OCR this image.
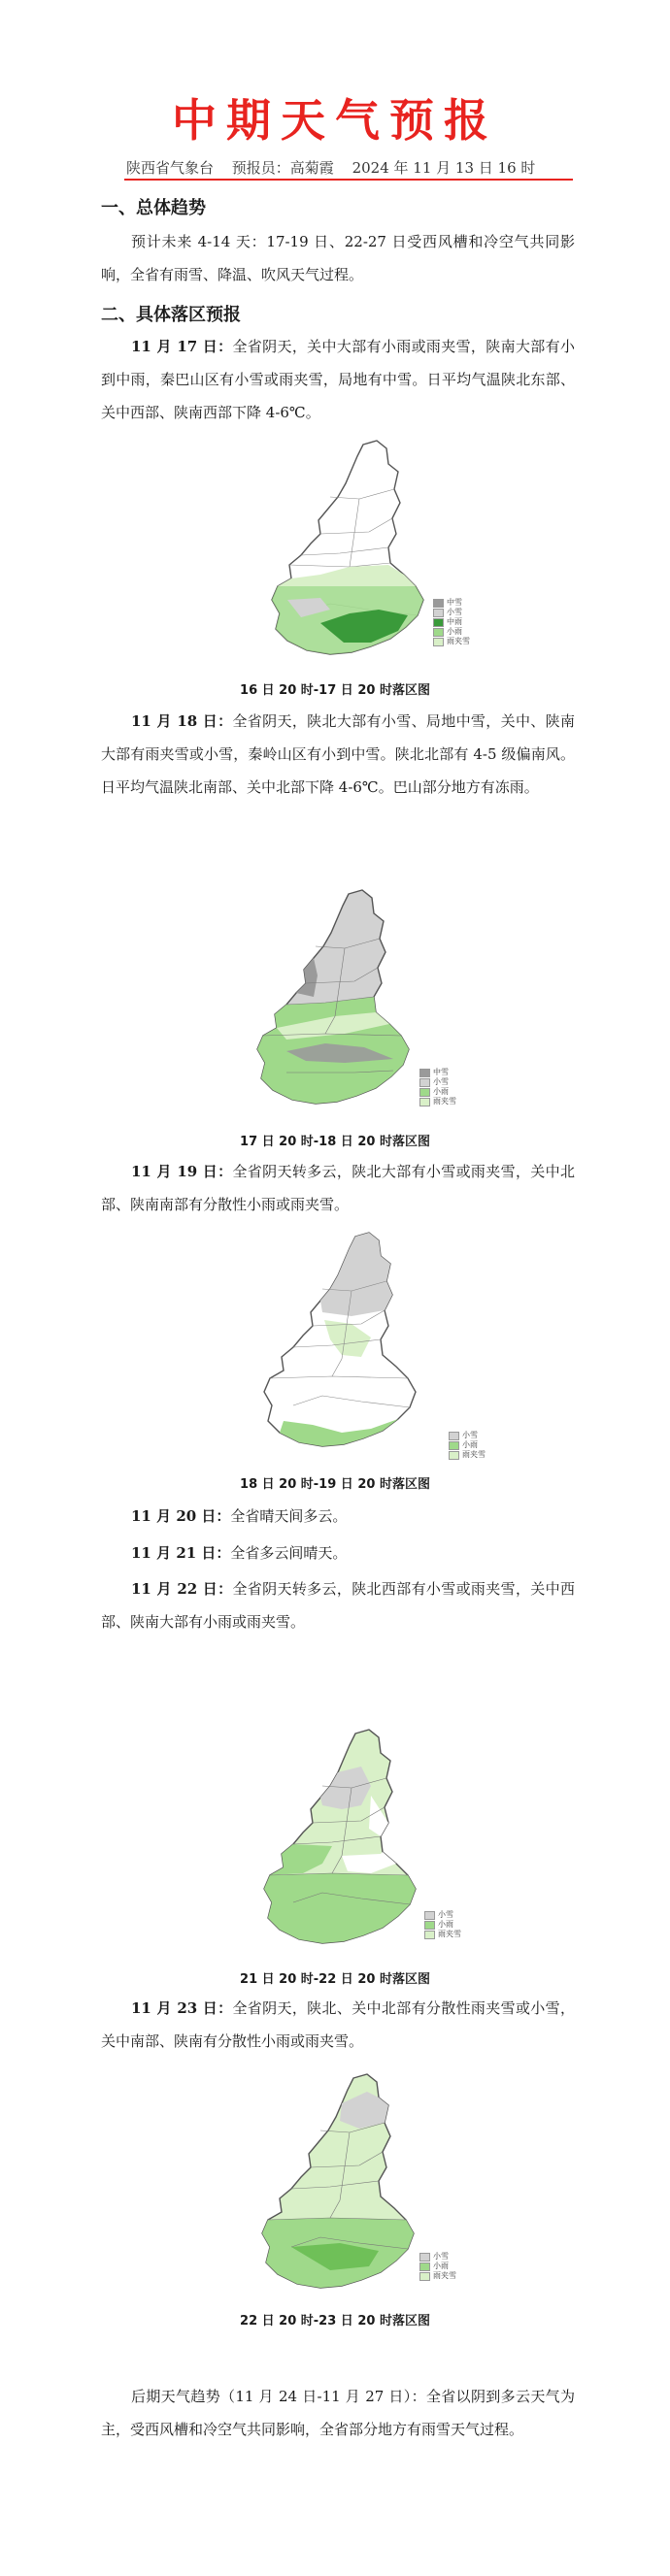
中期天气预报
陕西省气象台 预报员：高菊霞 2024 年 11 月 13 日 16 时
一、总体趋势
预计未来 4-14 天：17-19 日、22-27 日受西风槽和冷空气共同影响，全省有雨雪、降温、吹风天气过程。
二、具体落区预报
11 月 17 日：全省阴天，关中大部有小雨或雨夹雪，陕南大部有小到中雨，秦巴山区有小雪或雨夹雪，局地有中雪。日平均气温陕北东部、关中西部、陕南西部下降 4-6℃。
中雪
小雪
中雨
小雨
雨夹雪
16 日 20 时-17 日 20 时落区图
11 月 18 日：全省阴天，陕北大部有小雪、局地中雪，关中、陕南大部有雨夹雪或小雪，秦岭山区有小到中雪。陕北北部有 4-5 级偏南风。日平均气温陕北南部、关中北部下降 4-6℃。巴山部分地方有冻雨。
中雪
小雪
小雨
雨夹雪
17 日 20 时-18 日 20 时落区图
11 月 19 日：全省阴天转多云，陕北大部有小雪或雨夹雪，关中北部、陕南南部有分散性小雨或雨夹雪。
小雪
小雨
雨夹雪
18 日 20 时-19 日 20 时落区图
11 月 20 日：全省晴天间多云。
11 月 21 日：全省多云间晴天。
11 月 22 日：全省阴天转多云，陕北西部有小雪或雨夹雪，关中西部、陕南大部有小雨或雨夹雪。
小雪
小雨
雨夹雪
21 日 20 时-22 日 20 时落区图
11 月 23 日：全省阴天，陕北、关中北部有分散性雨夹雪或小雪，关中南部、陕南有分散性小雨或雨夹雪。
小雪
小雨
雨夹雪
22 日 20 时-23 日 20 时落区图
后期天气趋势（11 月 24 日-11 月 27 日）：全省以阴到多云天气为主，受西风槽和冷空气共同影响，全省部分地方有雨雪天气过程。
